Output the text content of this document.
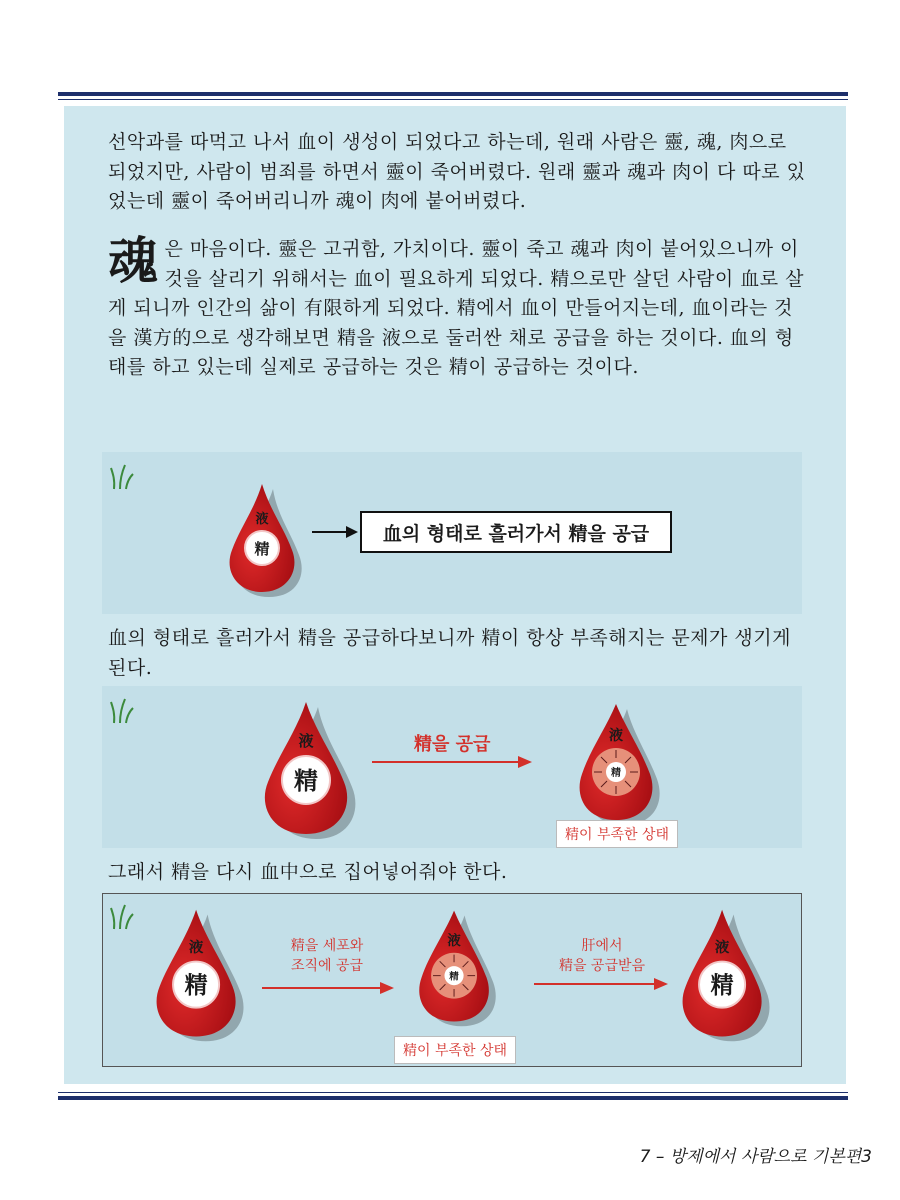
선악과를 따먹고 나서 血이 생성이 되었다고 하는데, 원래 사람은 靈, 魂, 肉으로 되었지만, 사람이 범죄를 하면서 靈이 죽어버렸다. 원래 靈과 魂과 肉이 다 따로 있었는데 靈이 죽어버리니까 魂이 肉에 붙어버렸다.

魂은 마음이다. 靈은 고귀함, 가치이다. 靈이 죽고 魂과 肉이 붙어있으니까 이것을 살리기 위해서는 血이 필요하게 되었다. 精으로만 살던 사람이 血로 살게 되니까 인간의 삶이 有限하게 되었다. 精에서 血이 만들어지는데, 血이라는 것을 漢方的으로 생각해보면 精을 液으로 둘러싼 채로 공급을 하는 것이다. 血의 형태를 하고 있는데 실제로 공급하는 것은 精이 공급하는 것이다.
液
精
血의 형태로 흘러가서 精을 공급

血의 형태로 흘러가서 精을 공급하다보니까 精이 항상 부족해지는 문제가 생기게 된다.

液
精
精을 공급	液
精
精이 부족한 상태

그래서 精을 다시 血中으로 집어넣어줘야 한다.

液
精
精을 세포와
조직에 공급
液
精
精이 부족한 상태
肝에서
精을 공급받음
液
精
7 – 방제에서 사람으로 기본편3
